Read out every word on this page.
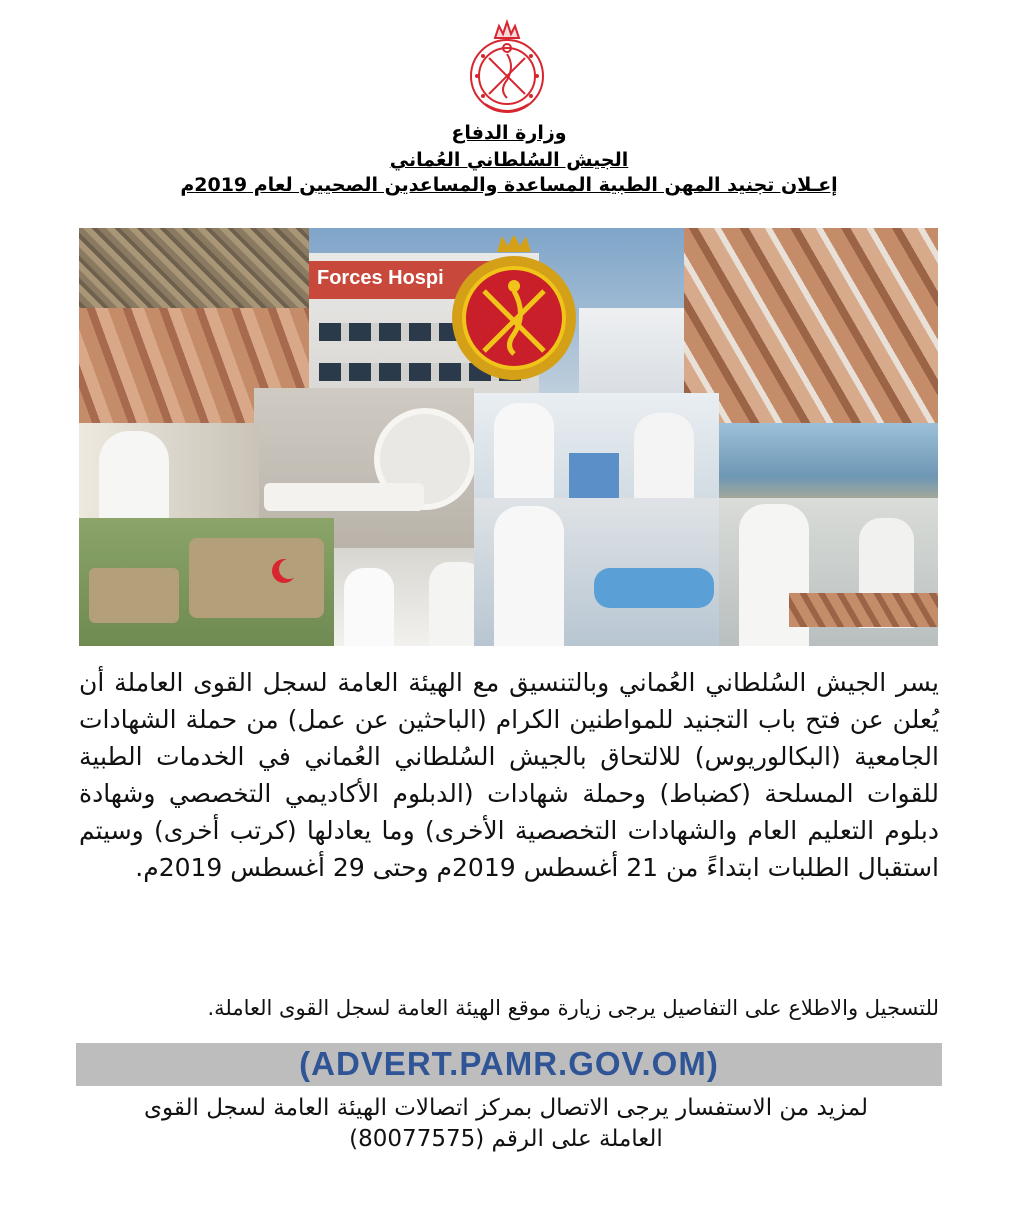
وزارة الدفاع
الجيش السُلطاني العُماني
إعـلان تجنيد المهن الطبية المساعدة والمساعدين الصحيين لعام 2019م
Forces Hospi

يسر الجيش السُلطاني العُماني وبالتنسيق مع الهيئة العامة لسجل القوى العاملة أن يُعلن عن فتح باب التجنيد للمواطنين الكرام (الباحثين عن عمل) من حملة الشهادات الجامعية (البكالوريوس) للالتحاق بالجيش السُلطاني العُماني في الخدمات الطبية للقوات المسلحة (كضباط) وحملة شهادات (الدبلوم الأكاديمي التخصصي وشهادة دبلوم التعليم العام والشهادات التخصصية الأخرى) وما يعادلها (كرتب أخرى) وسيتم استقبال الطلبات ابتداءً من 21 أغسطس 2019م وحتى 29 أغسطس 2019م.

للتسجيل والاطلاع على التفاصيل يرجى زيارة موقع الهيئة العامة لسجل القوى العاملة.
(ADVERT.PAMR.GOV.OM)
لمزيد من الاستفسار يرجى الاتصال بمركز اتصالات الهيئة العامة لسجل القوى
العاملة على الرقم (80077575)
